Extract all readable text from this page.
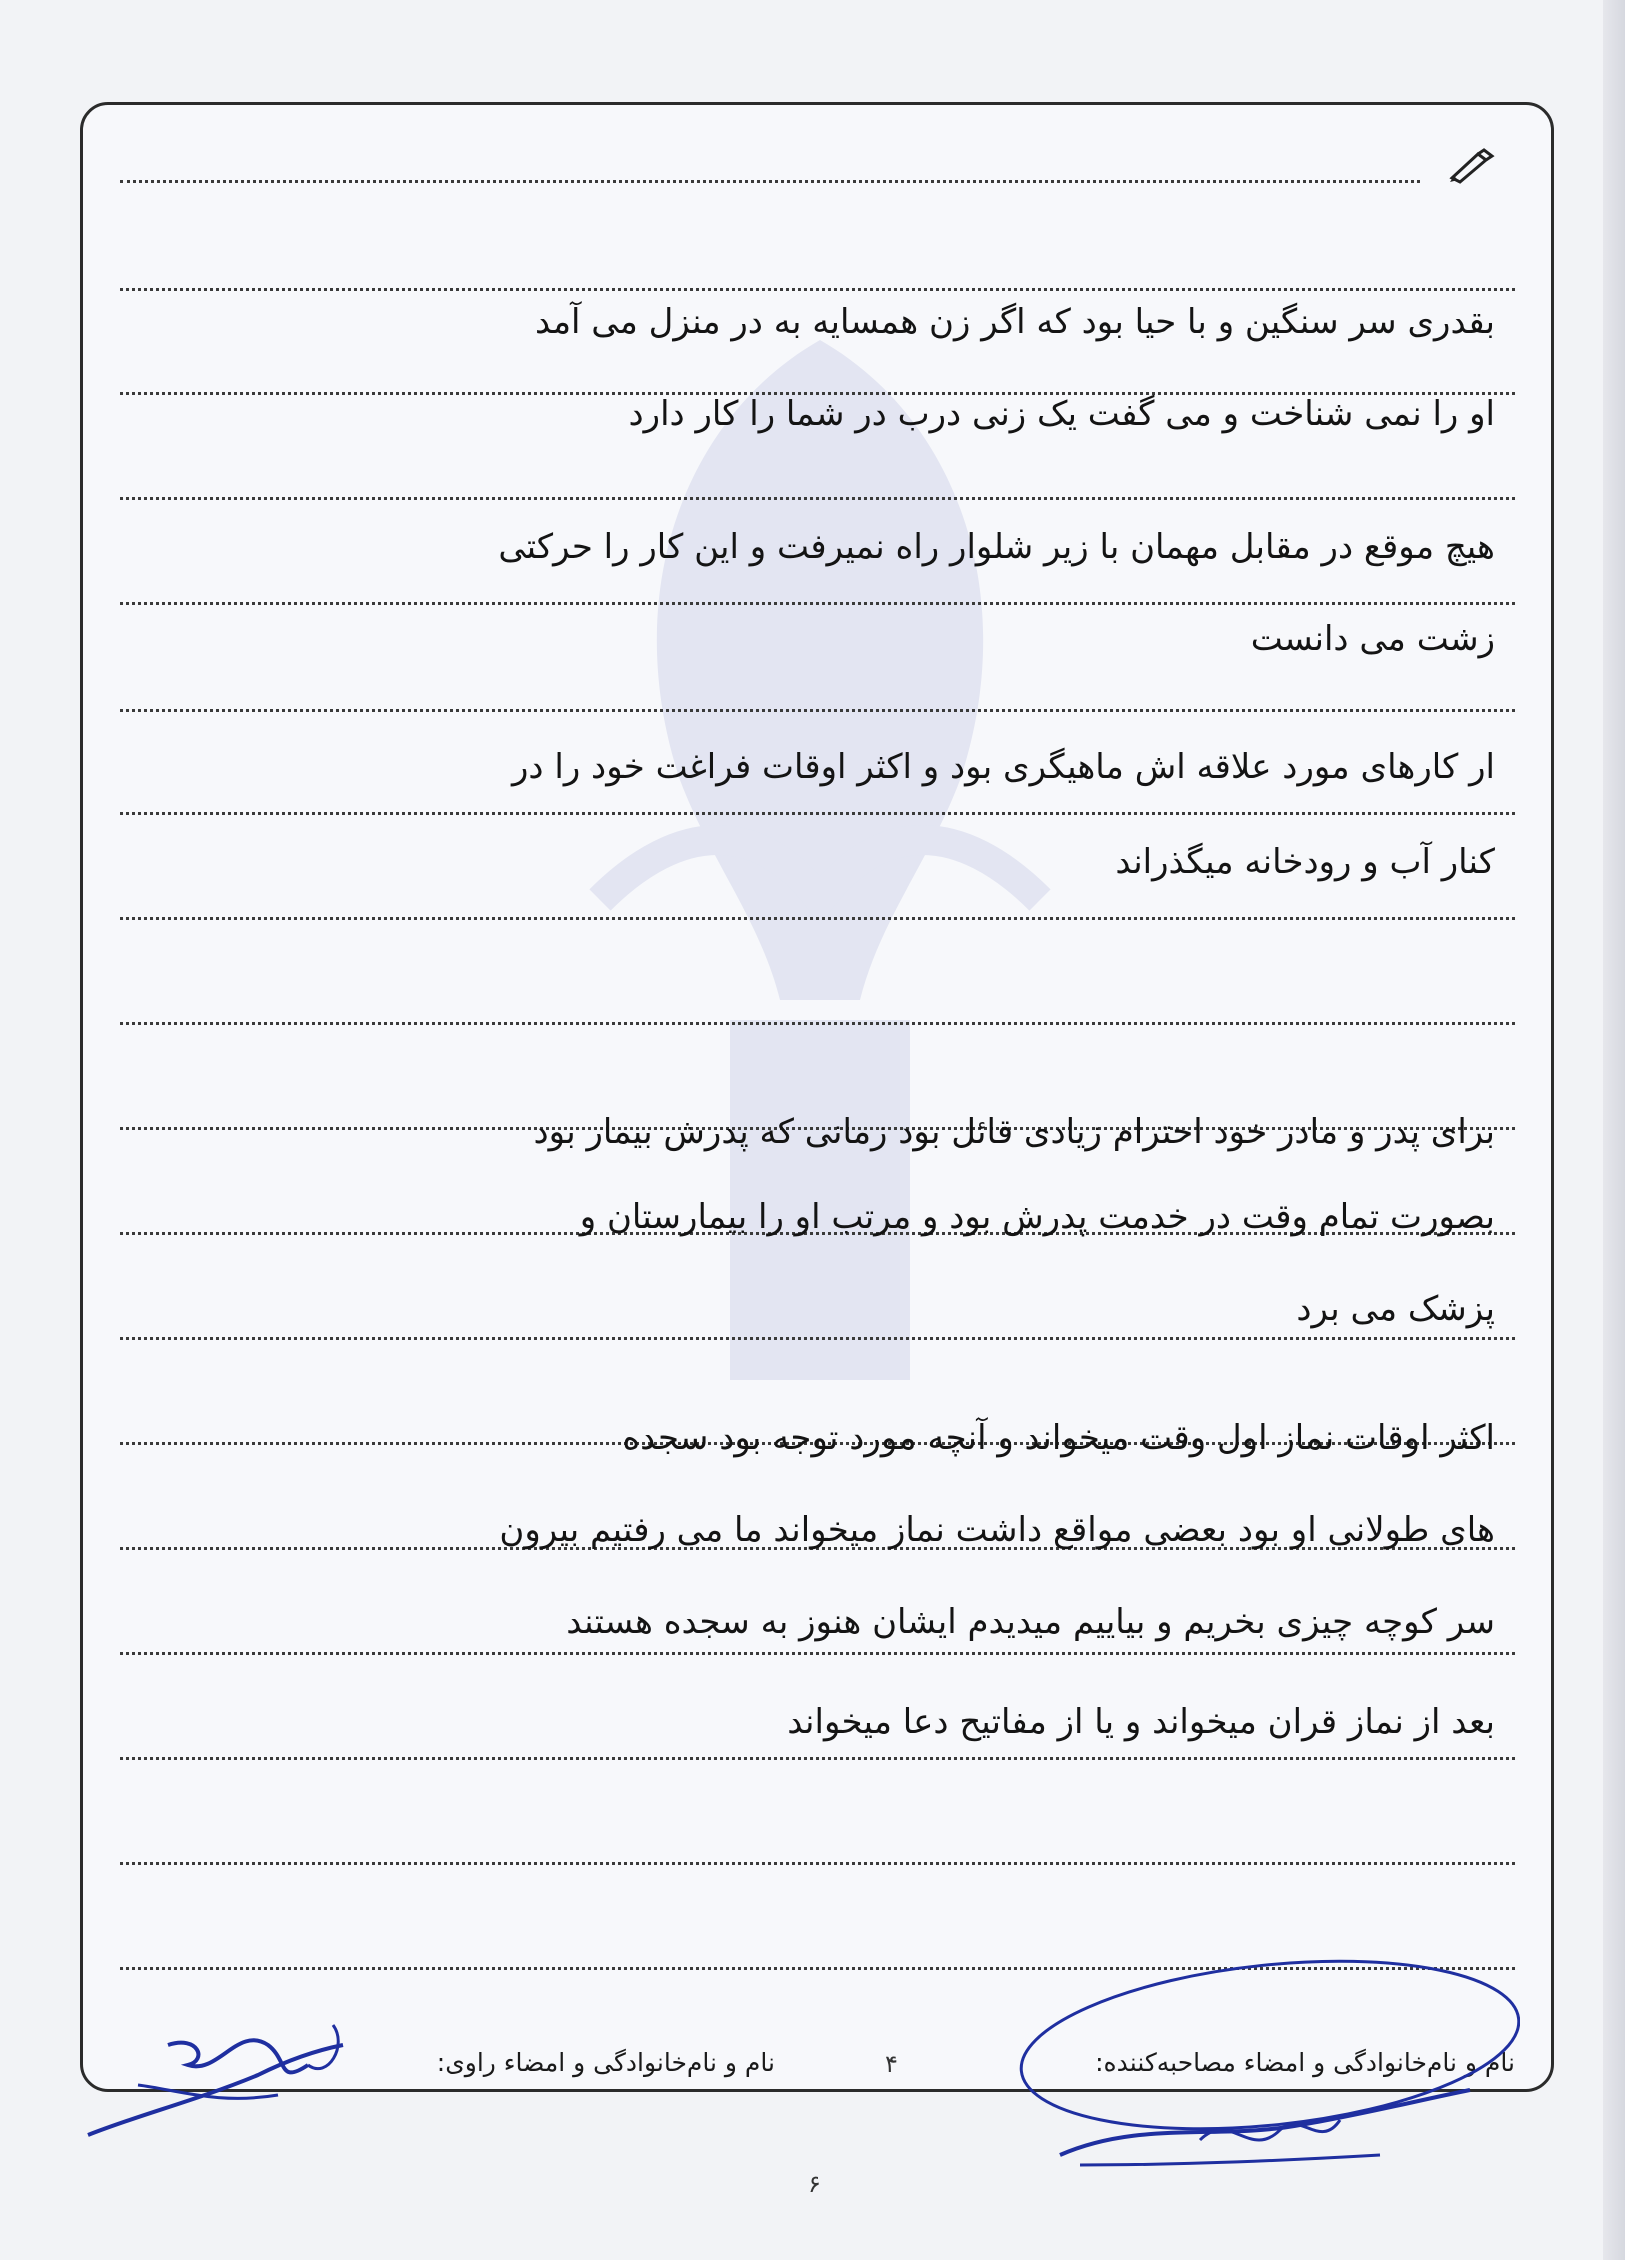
بقدری سر سنگین و با حیا بود که اگر زن همسایه به در منزل می آمد
او را نمی شناخت و می گفت یک زنی درب در شما را کار دارد
هیچ موقع در مقابل مهمان با زیر شلوار راه نمیرفت و این کار را حرکتی
زشت می دانست
ار کارهای مورد علاقه اش ماهیگری بود و اکثر اوقات فراغت خود را در
کنار آب و رودخانه میگذراند
برای پدر و مادر خود احترام زیادی قائل بود زمانی که پدرش بیمار بود
بصورت تمام وقت در خدمت پدرش بود و مرتب او را بیمارستان و
پزشک می برد
اکثر اوقات نماز اول وقت میخواند و آنچه مورد توجه بود سجده
های طولانی او بود بعضی مواقع داشت نماز میخواند ما می رفتیم بیرون
سر کوچه چیزی بخریم و بیاییم میدیدم ایشان هنوز به سجده هستند
بعد از نماز قران میخواند و یا از مفاتیح دعا میخواند
نام و نام‌خانوادگی و امضاء مصاحبه‌کننده:
۴
نام و نام‌خانوادگی و امضاء راوی:
۶
